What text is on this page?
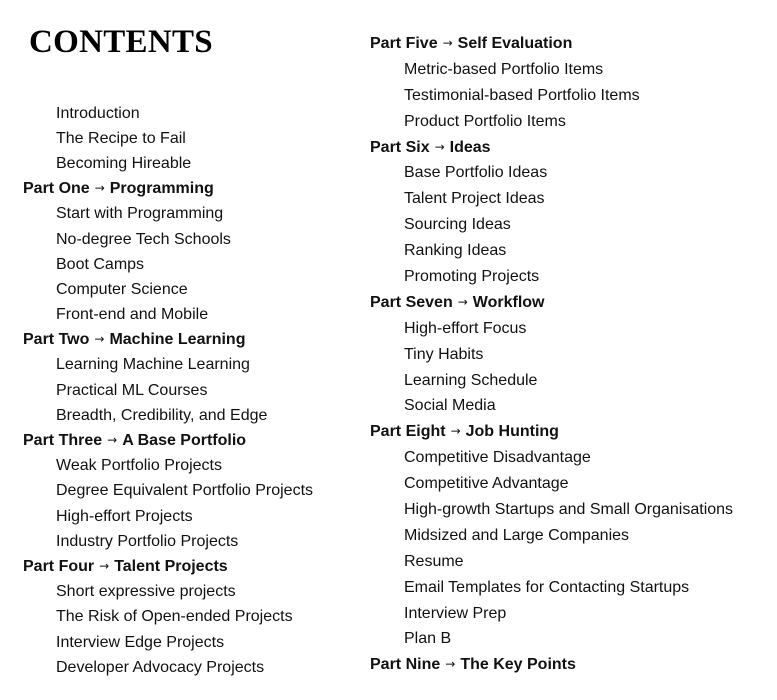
CONTENTS
Introduction
The Recipe to Fail
Becoming Hireable
Part One → Programming
Start with Programming
No-degree Tech Schools
Boot Camps
Computer Science
Front-end and Mobile
Part Two → Machine Learning
Learning Machine Learning
Practical ML Courses
Breadth, Credibility, and Edge
Part Three → A Base Portfolio
Weak Portfolio Projects
Degree Equivalent Portfolio Projects
High-effort Projects
Industry Portfolio Projects
Part Four → Talent Projects
Short expressive projects
The Risk of Open-ended Projects
Interview Edge Projects
Developer Advocacy Projects
Part Five → Self Evaluation
Metric-based Portfolio Items
Testimonial-based Portfolio Items
Product Portfolio Items
Part Six → Ideas
Base Portfolio Ideas
Talent Project Ideas
Sourcing Ideas
Ranking Ideas
Promoting Projects
Part Seven → Workflow
High-effort Focus
Tiny Habits
Learning Schedule
Social Media
Part Eight → Job Hunting
Competitive Disadvantage
Competitive Advantage
High-growth Startups and Small Organisations
Midsized and Large Companies
Resume
Email Templates for Contacting Startups
Interview Prep
Plan B
Part Nine → The Key Points
